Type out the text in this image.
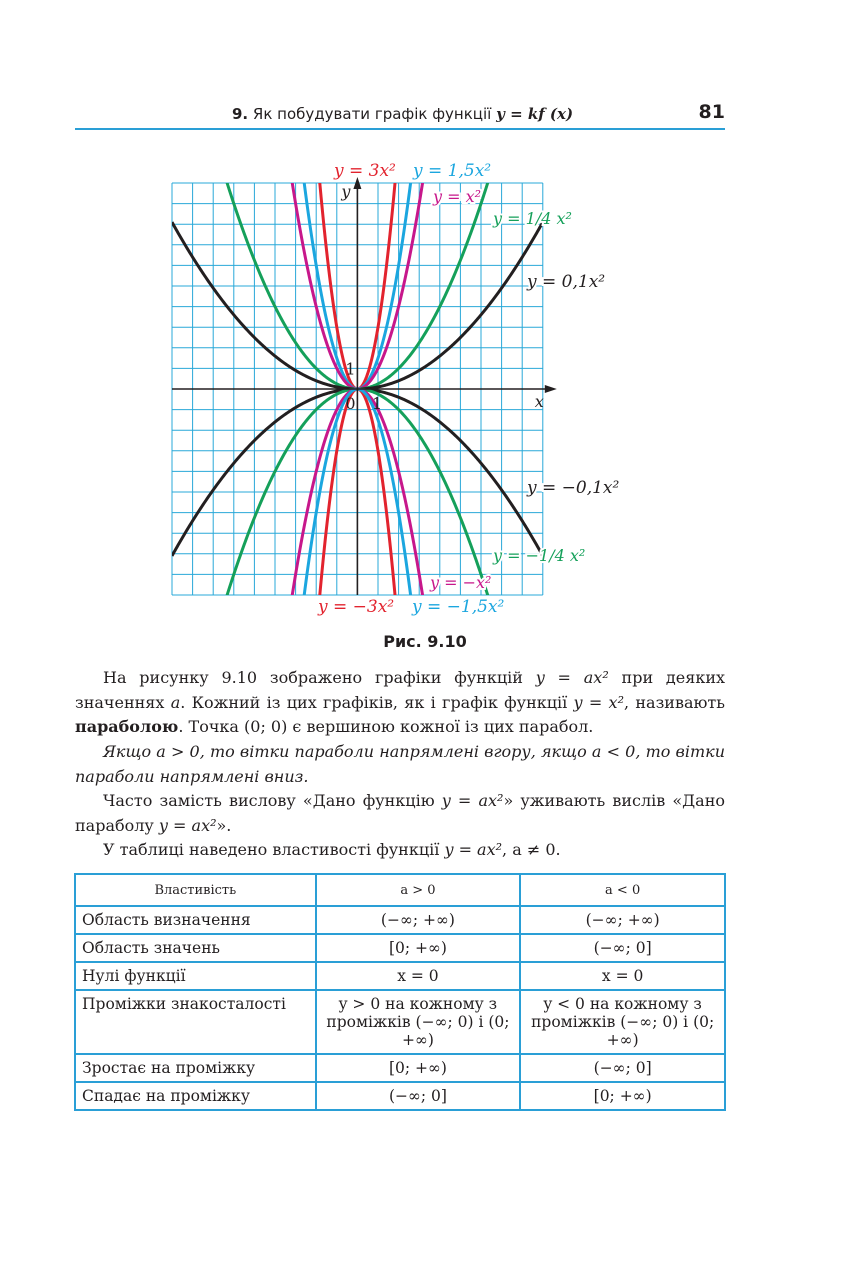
9. Як побудувати графік функції y = kf (x)	81
x
y
0 1
1
y = 3x² y = 1,5x²
y = x²
y = 1/4 x²
y = 0,1x²
y = −0,1x²
y = −1/4 x²
y = −x²
y = −3x² y = −1,5x²
Рис. 9.10

На рисунку 9.10 зображено графіки функцій y = ax² при деяких значеннях a. Кожний із цих графіків, як і графік функції y = x², називають параболою. Точка (0; 0) є вершиною кожної із цих парабол.

Якщо a > 0, то вітки параболи напрямлені вгору, якщо a < 0, то вітки параболи напрямлені вниз.

Часто замість вислову «Дано функцію y = ax²» уживають вислів «Дано параболу y = ax²».

У таблиці наведено властивості функції y = ax², a ≠ 0.

Властивість	a > 0	a < 0
Область визначення	(−∞; +∞)	(−∞; +∞)
Область значень	[0; +∞)	(−∞; 0]
Нулі функції	x = 0	x = 0
Проміжки знакосталості	y > 0 на кожному з проміжків (−∞; 0) і (0; +∞)	y < 0 на кожному з проміжків (−∞; 0) і (0; +∞)
Зростає на проміжку	[0; +∞)	(−∞; 0]
Спадає на проміжку	(−∞; 0]	[0; +∞)
